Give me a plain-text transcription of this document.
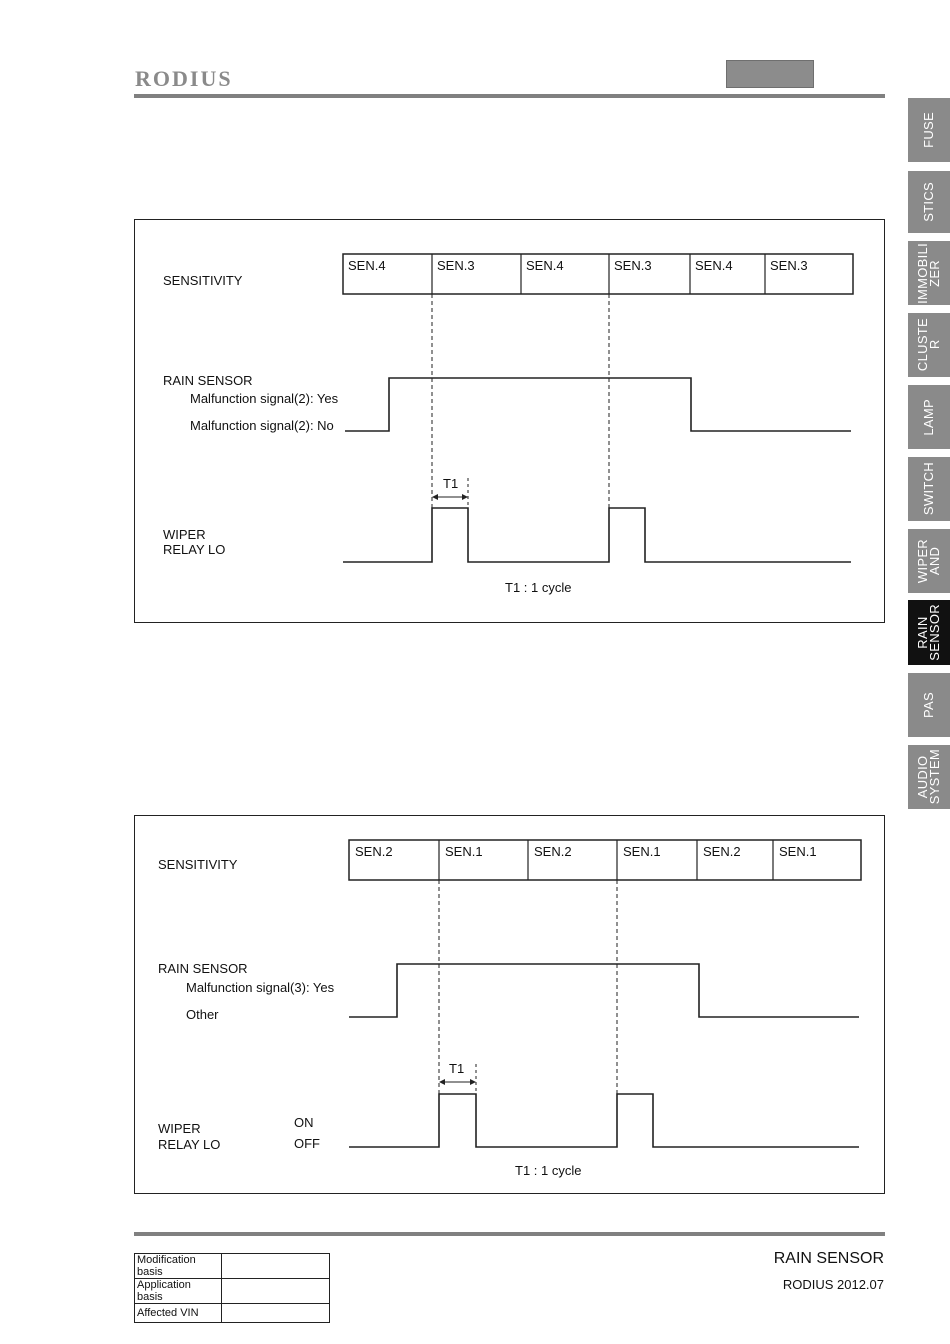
RODIUS
FUSE
STICS
IMMOBILI
ZER
CLUSTE
R
LAMP
SWITCH
WIPER
AND
RAIN
SENSOR
PAS
AUDIO
SYSTEM
SENSITIVITY
SEN.4	SEN.3	SEN.4	SEN.3	SEN.4	SEN.3
RAIN SENSOR
Malfunction signal(2): Yes
Malfunction signal(2): No
T1
WIPER
RELAY LO
T1 : 1 cycle
SENSITIVITY
SEN.2	SEN.1	SEN.2	SEN.1	SEN.2	SEN.1
RAIN SENSOR
Malfunction signal(3): Yes
Other
T1
WIPER
RELAY LO
ON
OFF
T1 : 1 cycle
Modification basis	
Application basis	
Affected VIN	
RAIN SENSOR
RODIUS 2012.07
